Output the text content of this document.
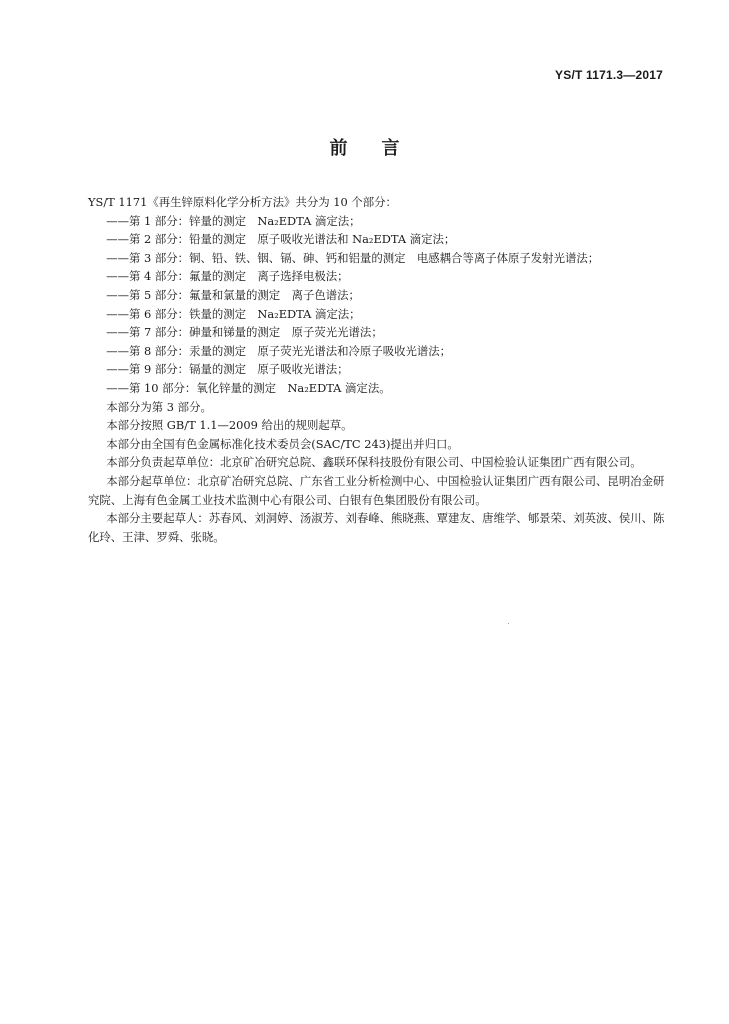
YS/T 1171.3—2017
前言

YS/T 1171《再生锌原料化学分析方法》共分为 10 个部分：

——第 1 部分：锌量的测定　Na₂EDTA 滴定法；
——第 2 部分：铅量的测定　原子吸收光谱法和 Na₂EDTA 滴定法；
——第 3 部分：铜、铅、铁、铟、镉、砷、钙和铝量的测定　电感耦合等离子体原子发射光谱法；
——第 4 部分：氟量的测定　离子选择电极法；
——第 5 部分：氟量和氯量的测定　离子色谱法；
——第 6 部分：铁量的测定　Na₂EDTA 滴定法；
——第 7 部分：砷量和锑量的测定　原子荧光光谱法；
——第 8 部分：汞量的测定　原子荧光光谱法和冷原子吸收光谱法；
——第 9 部分：镉量的测定　原子吸收光谱法；
——第 10 部分：氧化锌量的测定　Na₂EDTA 滴定法。

本部分为第 3 部分。

本部分按照 GB/T 1.1—2009 给出的规则起草。

本部分由全国有色金属标准化技术委员会(SAC/TC 243)提出并归口。

本部分负责起草单位：北京矿冶研究总院、鑫联环保科技股份有限公司、中国检验认证集团广西有限公司。

本部分起草单位：北京矿冶研究总院、广东省工业分析检测中心、中国检验认证集团广西有限公司、昆明冶金研究院、上海有色金属工业技术监测中心有限公司、白银有色集团股份有限公司。

本部分主要起草人：苏春风、刘洞婷、汤淑芳、刘春峰、熊晓燕、覃建友、唐维学、郇景荣、刘英波、侯川、陈化玲、王津、罗舜、张晓。
